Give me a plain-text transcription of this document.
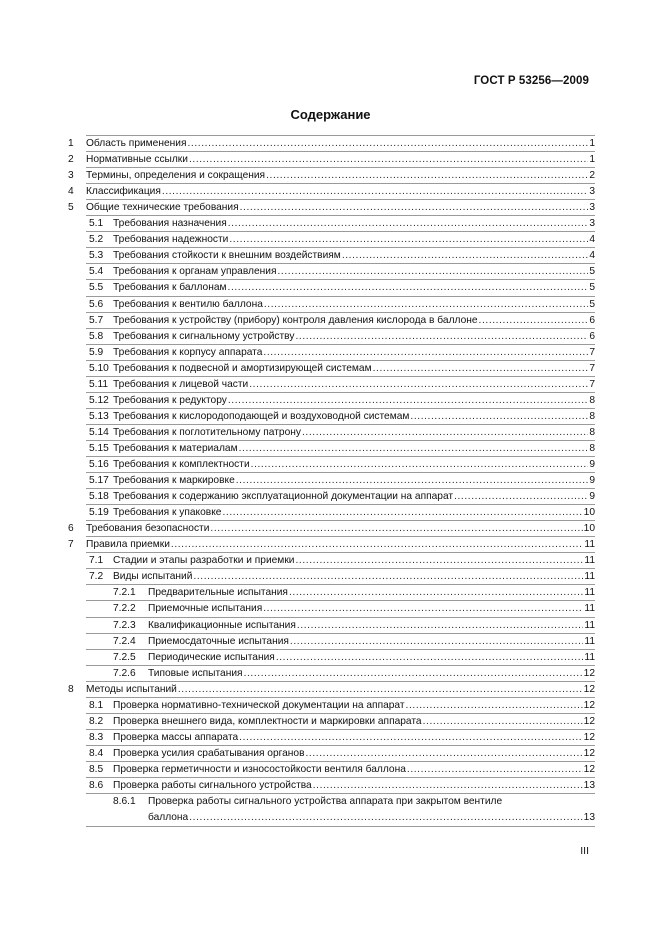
ГОСТ Р 53256—2009
Содержание
1 Область применения .....	1
2 Нормативные ссылки .....	1
3 Термины, определения и сокращения .....	2
4 Классификация .....	3
5 Общие технические требования .....	3
5.1 Требования назначения .....	3
5.2 Требования надежности .....	4
5.3 Требования стойкости к внешним воздействиям .....	4
5.4 Требования к органам управления .....	5
5.5 Требования к баллонам .....	5
5.6 Требования к вентилю баллона .....	5
5.7 Требования к устройству (прибору) контроля давления кислорода в баллоне .....	6
5.8 Требования к сигнальному устройству .....	6
5.9 Требования к корпусу аппарата .....	7
5.10 Требования к подвесной и амортизирующей системам .....	7
5.11 Требования к лицевой части .....	7
5.12 Требования к редуктору .....	8
5.13 Требования к кислородоподающей и воздуховодной системам .....	8
5.14 Требования к поглотительному патрону .....	8
5.15 Требования к материалам .....	8
5.16 Требования к комплектности .....	9
5.17 Требования к маркировке .....	9
5.18 Требования к содержанию эксплуатационной документации на аппарат .....	9
5.19 Требования к упаковке .....	10
6 Требования безопасности .....	10
7 Правила приемки .....	11
7.1 Стадии и этапы разработки и приемки .....	11
7.2 Виды испытаний .....	11
7.2.1 Предварительные испытания .....	11
7.2.2 Приемочные испытания .....	11
7.2.3 Квалификационные испытания .....	11
7.2.4 Приемосдаточные испытания .....	11
7.2.5 Периодические испытания .....	11
7.2.6 Типовые испытания .....	12
8 Методы испытаний .....	12
8.1 Проверка нормативно-технической документации на аппарат .....	12
8.2 Проверка внешнего вида, комплектности и маркировки аппарата .....	12
8.3 Проверка массы аппарата .....	12
8.4 Проверка усилия срабатывания органов .....	12
8.5 Проверка герметичности и износостойкости вентиля баллона .....	12
8.6 Проверка работы сигнального устройства .....	13
8.6.1 Проверка работы сигнального устройства аппарата при закрытом вентиле
баллона .....	13
III
